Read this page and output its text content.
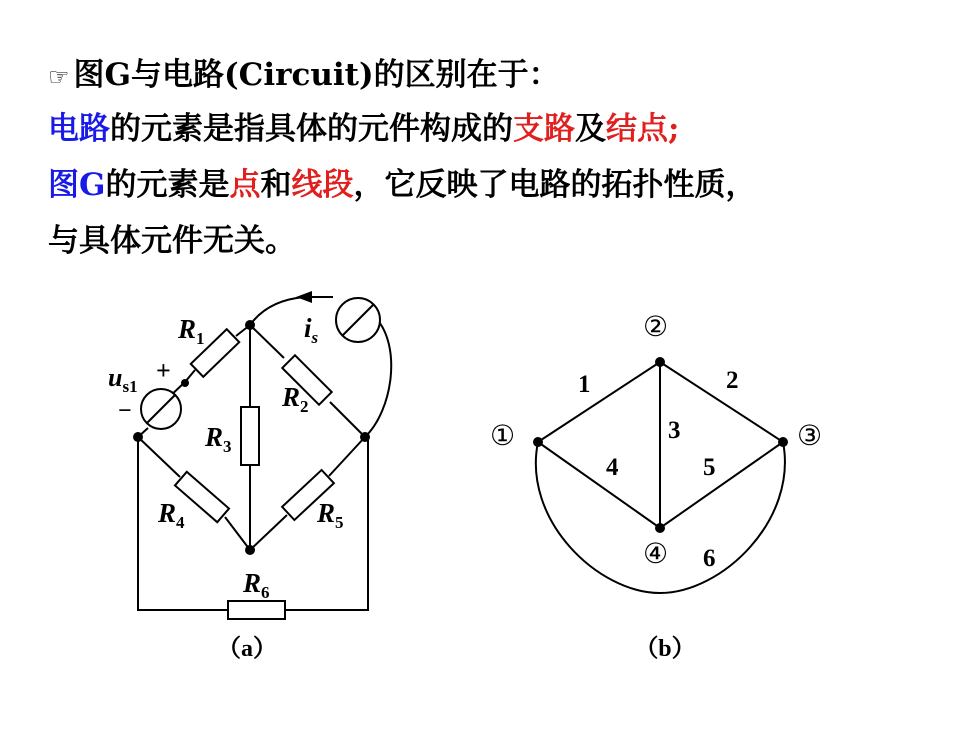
☞ 图G与电路(Circuit)的区别在于：
电路的元素是指具体的元件构成的支路及结点;
图G的元素是点和线段，它反映了电路的拓扑性质，
与具体元件无关。
$R_1$
$R_2$
$R_3$
$R_4$	$R_5$
$R_6$
$u_{s1}$
+
−
$i_s$
（a）
①
②
③
④
1	2
3
4	5
6
（b）
